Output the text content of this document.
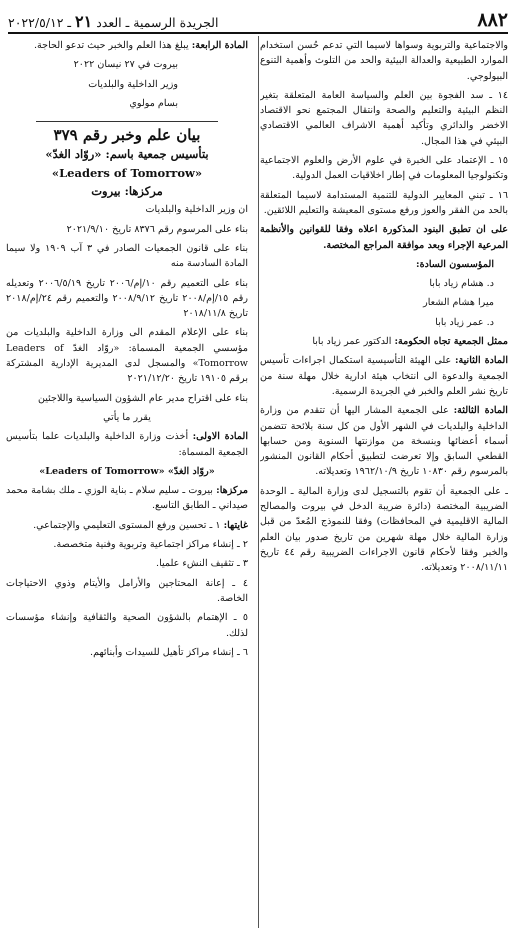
٨٨٢
الجريدة الرسمية ـ العدد ٢١ ـ ٢٠٢٢/٥/١٢

والاجتماعية والتربوية وسواها لاسيما التي تدعم حُسن استخدام الموارد الطبيعية والعدالة البيئية والحد من التلوث وأهمية التنوع البيولوجي.

١٤ ـ سد الفجوة بين العلم والسياسة العامة المتعلقة بتغير النظم البيئية والتعليم والصحة وانتقال المجتمع نحو الاقتصاد الاخضر والدائري وتأكيد أهمية الاشراف العالمي الاقتصادي البيئي في هذا المجال.

١٥ ـ الإعتماد على الخبرة في علوم الأرض والعلوم الاجتماعية وتكنولوجيا المعلومات في إطار اخلاقيات العمل الدولية.

١٦ ـ تبني المعايير الدولية للتنمية المستدامة لاسيما المتعلقة بالحد من الفقر والعوز ورفع مستوى المعيشة والتعليم اللائقين.

على ان تطبق البنود المذكورة اعلاه وفقا للقوانين والأنظمة المرعية الإجراء وبعد موافقة المراجع المختصة.

المؤسسون السادة:

د. هشام زياد بابا

ميرا هشام الشعار

د. عمر زياد بابا

ممثل الجمعية تجاه الحكومة: الدكتور عمر زياد بابا

المادة الثانية: على الهيئة التأسيسية استكمال اجراءات تأسيس الجمعية والدعوة الى انتخاب هيئة ادارية خلال مهلة سنة من تاريخ نشر العلم والخبر في الجريدة الرسمية.

المادة الثالثة: على الجمعية المشار اليها أن تتقدم من وزارة الداخلية والبلديات في الشهر الأول من كل سنة بلائحة تتضمن أسماء أعضائها وبنسخة من موازنتها السنوية ومن حسابها القطعي السابق وإلا تعرضت لتطبيق أحكام القانون المنشور بالمرسوم رقم ١٠٨٣٠ تاريخ ١٩٦٢/١٠/٩ وتعديلاته.

ـ على الجمعية أن تقوم بالتسجيل لدى وزارة المالية ـ الوحدة الضريبية المختصة (دائرة ضريبة الدخل في بيروت والمصالح المالية الاقليمية في المحافظات) وفقا للنموذج المُعدّ من قبل وزارة المالية خلال مهلة شهرين من تاريخ صدور بيان العلم والخبر وفقا لأحكام قانون الاجراءات الضريبية رقم ٤٤ تاريخ ٢٠٠٨/١١/١١ وتعديلاته.

المادة الرابعة: يبلغ هذا العلم والخبر حيث تدعو الحاجة.

بيروت في ٢٧ نيسان ٢٠٢٢

وزير الداخلية والبلديات

بسام مولوي

بيان علم وخبر رقم ٣٧٩

بتأسيس جمعية باسم: «روّاد الغدّ»

«Leaders of Tomorrow»

مركزها: بيروت

ان وزير الداخلية والبلديات

بناء على المرسوم رقم ٨٣٧٦ تاريخ ٢٠٢١/٩/١٠

بناء على قانون الجمعيات الصادر في ٣ آب ١٩٠٩ ولا سيما المادة السادسة منه

بناء على التعميم رقم ١٠/إم/٢٠٠٦ تاريخ ٢٠٠٦/٥/١٩ وتعديله رقم ١٥/إم/٢٠٠٨ تاريخ ٢٠٠٨/٩/١٢ والتعميم رقم ٢٤/إم/٢٠١٨ تاريخ ٢٠١٨/١١/٨

بناء على الإعلام المقدم الى وزارة الداخلية والبلديات من مؤسسي الجمعية المسماة: «روّاد الغدّ Leaders of Tomorrow» والمسجل لدى المديرية الإدارية المشتركة برقم ١٩١٠٥ تاريخ ٢٠٢١/١٢/٢٠

بناء على اقتراح مدير عام الشؤون السياسية واللاجئين

يقرر ما يأتي

المادة الاولى: أخذت وزارة الداخلية والبلديات علما بتأسيس الجمعية المسماة:

«روّاد الغدّ» «Leaders of Tomorrow»

مركزها: بيروت ـ سليم سلام ـ بناية الوزي ـ ملك بشامة محمد صيداني ـ الطابق التاسع.

غايتها: ١ ـ تحسين ورفع المستوى التعليمي والإجتماعي.

٢ ـ إنشاء مراكز اجتماعية وتربوية وفنية متخصصة.

٣ ـ تثقيف النشء علميا.

٤ ـ إعانة المحتاجين والأرامل والأيتام وذوي الاحتياجات الخاصة.

٥ ـ الإهتمام بالشؤون الصحية والثقافية وإنشاء مؤسسات لذلك.

٦ ـ إنشاء مراكز تأهيل للسيدات وأبنائهم.
